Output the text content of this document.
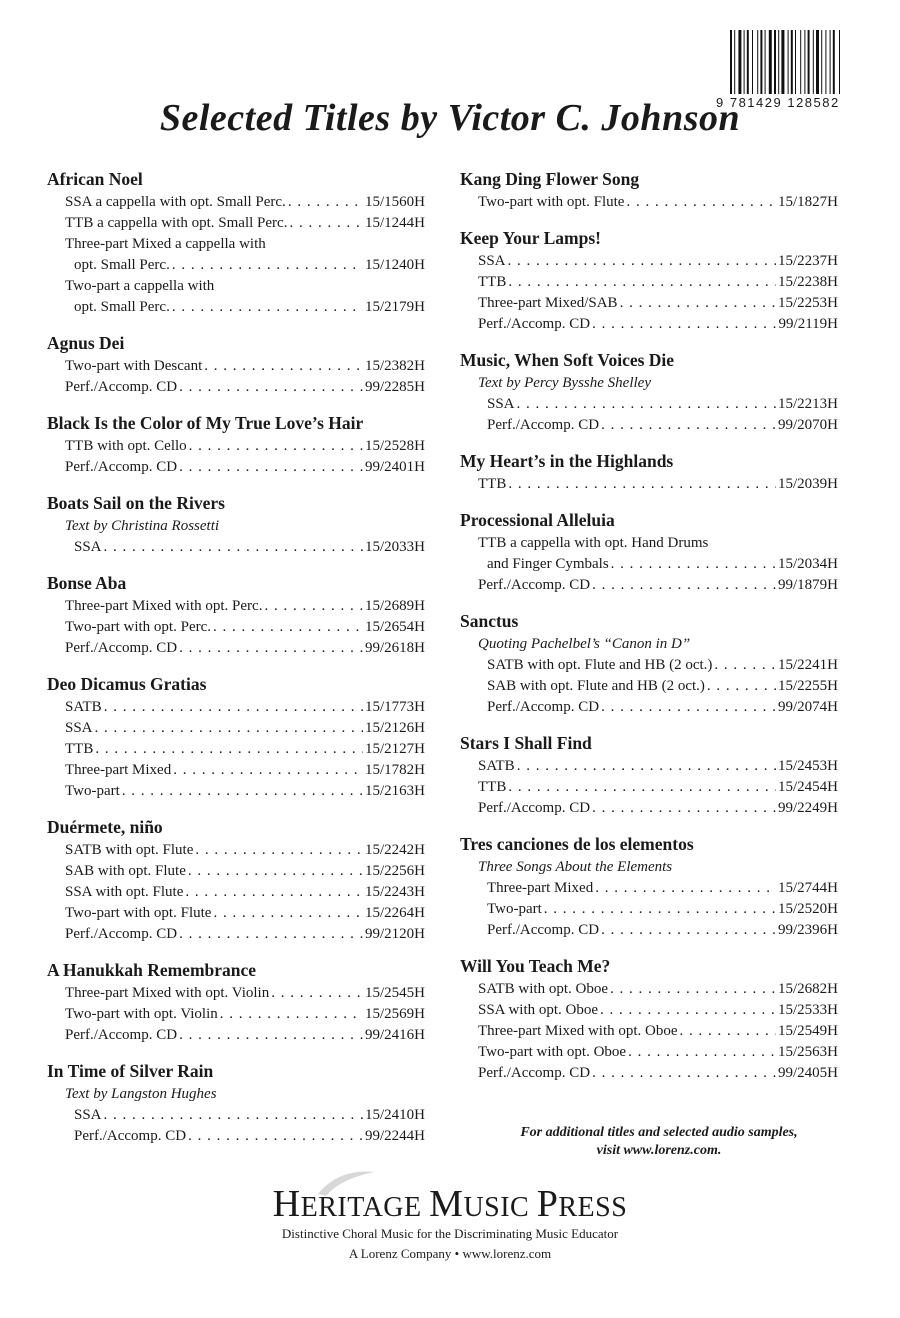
9 781429 128582
Selected Titles by Victor C. Johnson
African Noel
SSA a cappella with opt. Small Perc. . . .	15/1560H
TTB a cappella with opt. Small Perc. . . .	15/1244H
Three-part Mixed a cappella with
opt. Small Perc. . . .	15/1240H
Two-part a cappella with
opt. Small Perc. . . .	15/2179H
Agnus Dei
Two-part with Descant . . .	15/2382H
Perf./Accomp. CD . . .	99/2285H
Black Is the Color of My True Love’s Hair
TTB with opt. Cello . . .	15/2528H
Perf./Accomp. CD . . .	99/2401H
Boats Sail on the Rivers
Text by Christina Rossetti
SSA . . .	15/2033H
Bonse Aba
Three-part Mixed with opt. Perc. . . .	15/2689H
Two-part with opt. Perc. . . .	15/2654H
Perf./Accomp. CD . . .	99/2618H
Deo Dicamus Gratias
SATB . . .	15/1773H
SSA . . .	15/2126H
TTB . . .	15/2127H
Three-part Mixed . . .	15/1782H
Two-part . . .	15/2163H
Duérmete, niño
SATB with opt. Flute . . .	15/2242H
SAB with opt. Flute . . .	15/2256H
SSA with opt. Flute . . .	15/2243H
Two-part with opt. Flute . . .	15/2264H
Perf./Accomp. CD . . .	99/2120H
A Hanukkah Remembrance
Three-part Mixed with opt. Violin . . .	15/2545H
Two-part with opt. Violin . . .	15/2569H
Perf./Accomp. CD . . .	99/2416H
In Time of Silver Rain
Text by Langston Hughes
SSA . . .	15/2410H
Perf./Accomp. CD . . .	99/2244H
Kang Ding Flower Song
Two-part with opt. Flute . . .	15/1827H
Keep Your Lamps!
SSA . . .	15/2237H
TTB . . .	15/2238H
Three-part Mixed/SAB . . .	15/2253H
Perf./Accomp. CD . . .	99/2119H
Music, When Soft Voices Die
Text by Percy Bysshe Shelley
SSA . . .	15/2213H
Perf./Accomp. CD . . .	99/2070H
My Heart’s in the Highlands
TTB . . .	15/2039H
Processional Alleluia
TTB a cappella with opt. Hand Drums
and Finger Cymbals . . .	15/2034H
Perf./Accomp. CD . . .	99/1879H
Sanctus
Quoting Pachelbel’s “Canon in D”
SATB with opt. Flute and HB (2 oct.) . . .	15/2241H
SAB with opt. Flute and HB (2 oct.) . . .	15/2255H
Perf./Accomp. CD . . .	99/2074H
Stars I Shall Find
SATB . . .	15/2453H
TTB . . .	15/2454H
Perf./Accomp. CD . . .	99/2249H
Tres canciones de los elementos
Three Songs About the Elements
Three-part Mixed . . .	15/2744H
Two-part . . .	15/2520H
Perf./Accomp. CD . . .	99/2396H
Will You Teach Me?
SATB with opt. Oboe . . .	15/2682H
SSA with opt. Oboe . . .	15/2533H
Three-part Mixed with opt. Oboe . . .	15/2549H
Two-part with opt. Oboe . . .	15/2563H
Perf./Accomp. CD . . .	99/2405H
For additional titles and selected audio samples,
visit www.lorenz.com.
HERITAGE MUSIC PRESS
Distinctive Choral Music for the Discriminating Music Educator
A Lorenz Company • www.lorenz.com
